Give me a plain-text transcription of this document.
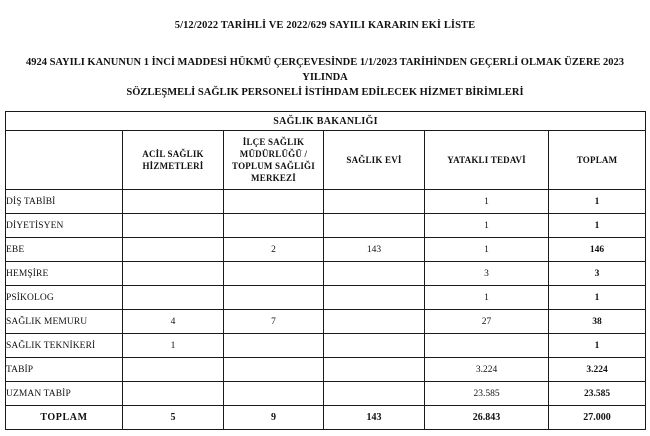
5/12/2022 TARİHLİ VE 2022/629 SAYILI KARARIN EKİ LİSTE
4924 SAYILI KANUNUN 1 İNCİ MADDESİ HÜKMÜ ÇERÇEVESİNDE 1/1/2023 TARİHİNDEN GEÇERLİ OLMAK ÜZERE 2023 YILINDA
SÖZLEŞMELİ SAĞLIK PERSONELİ İSTİHDAM EDİLECEK HİZMET BİRİMLERİ
SAĞLIK BAKANLIĞI					

	ACİL SAĞLIK
HİZMETLERİ	İLÇE SAĞLIK
MÜDÜRLÜĞÜ /
TOPLUM SAĞLIĞI
MERKEZİ	SAĞLIK EVİ	YATAKLI TEDAVİ	TOPLAM

DİŞ TABİBİ				1	1
DİYETİSYEN				1	1
EBE		2	143	1	146
HEMŞİRE				3	3
PSİKOLOG				1	1
SAĞLIK MEMURU	4	7		27	38
SAĞLIK TEKNİKERİ	1				1
TABİP				3.224	3.224
UZMAN TABİP				23.585	23.585
TOPLAM	5	9	143	26.843	27.000
